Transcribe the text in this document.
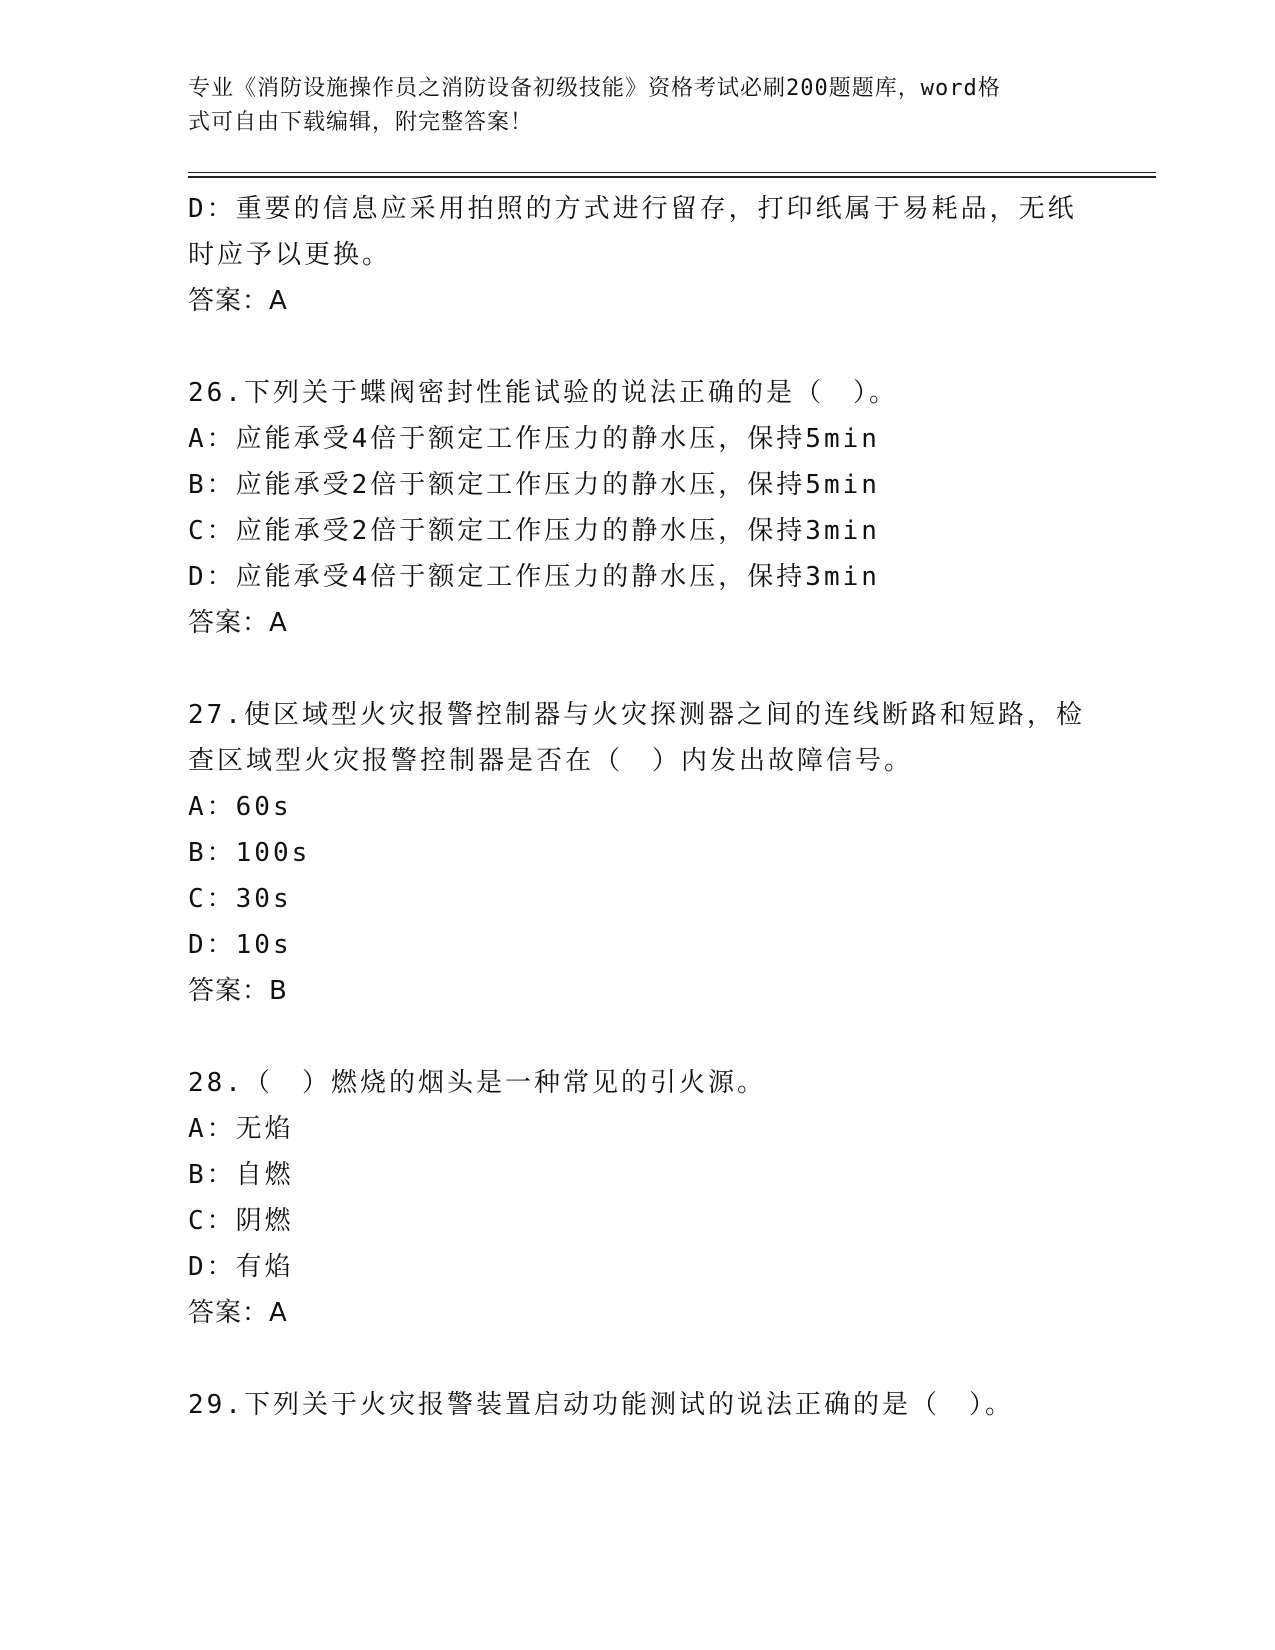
专业《消防设施操作员之消防设备初级技能》资格考试必刷200题题库，word格
式可自由下载编辑，附完整答案！
D：重要的信息应采用拍照的方式进行留存，打印纸属于易耗品，无纸
时应予以更换。
答案：A
26.下列关于蝶阀密封性能试验的说法正确的是（　）。
A：应能承受4倍于额定工作压力的静水压，保持5min
B：应能承受2倍于额定工作压力的静水压，保持5min
C：应能承受2倍于额定工作压力的静水压，保持3min
D：应能承受4倍于额定工作压力的静水压，保持3min
答案：A
27.使区域型火灾报警控制器与火灾探测器之间的连线断路和短路，检
查区域型火灾报警控制器是否在（　）内发出故障信号。
A：60s
B：100s
C：30s
D：10s
答案：B
28.（　）燃烧的烟头是一种常见的引火源。
A：无焰
B：自燃
C：阴燃
D：有焰
答案：A
29.下列关于火灾报警装置启动功能测试的说法正确的是（　）。
